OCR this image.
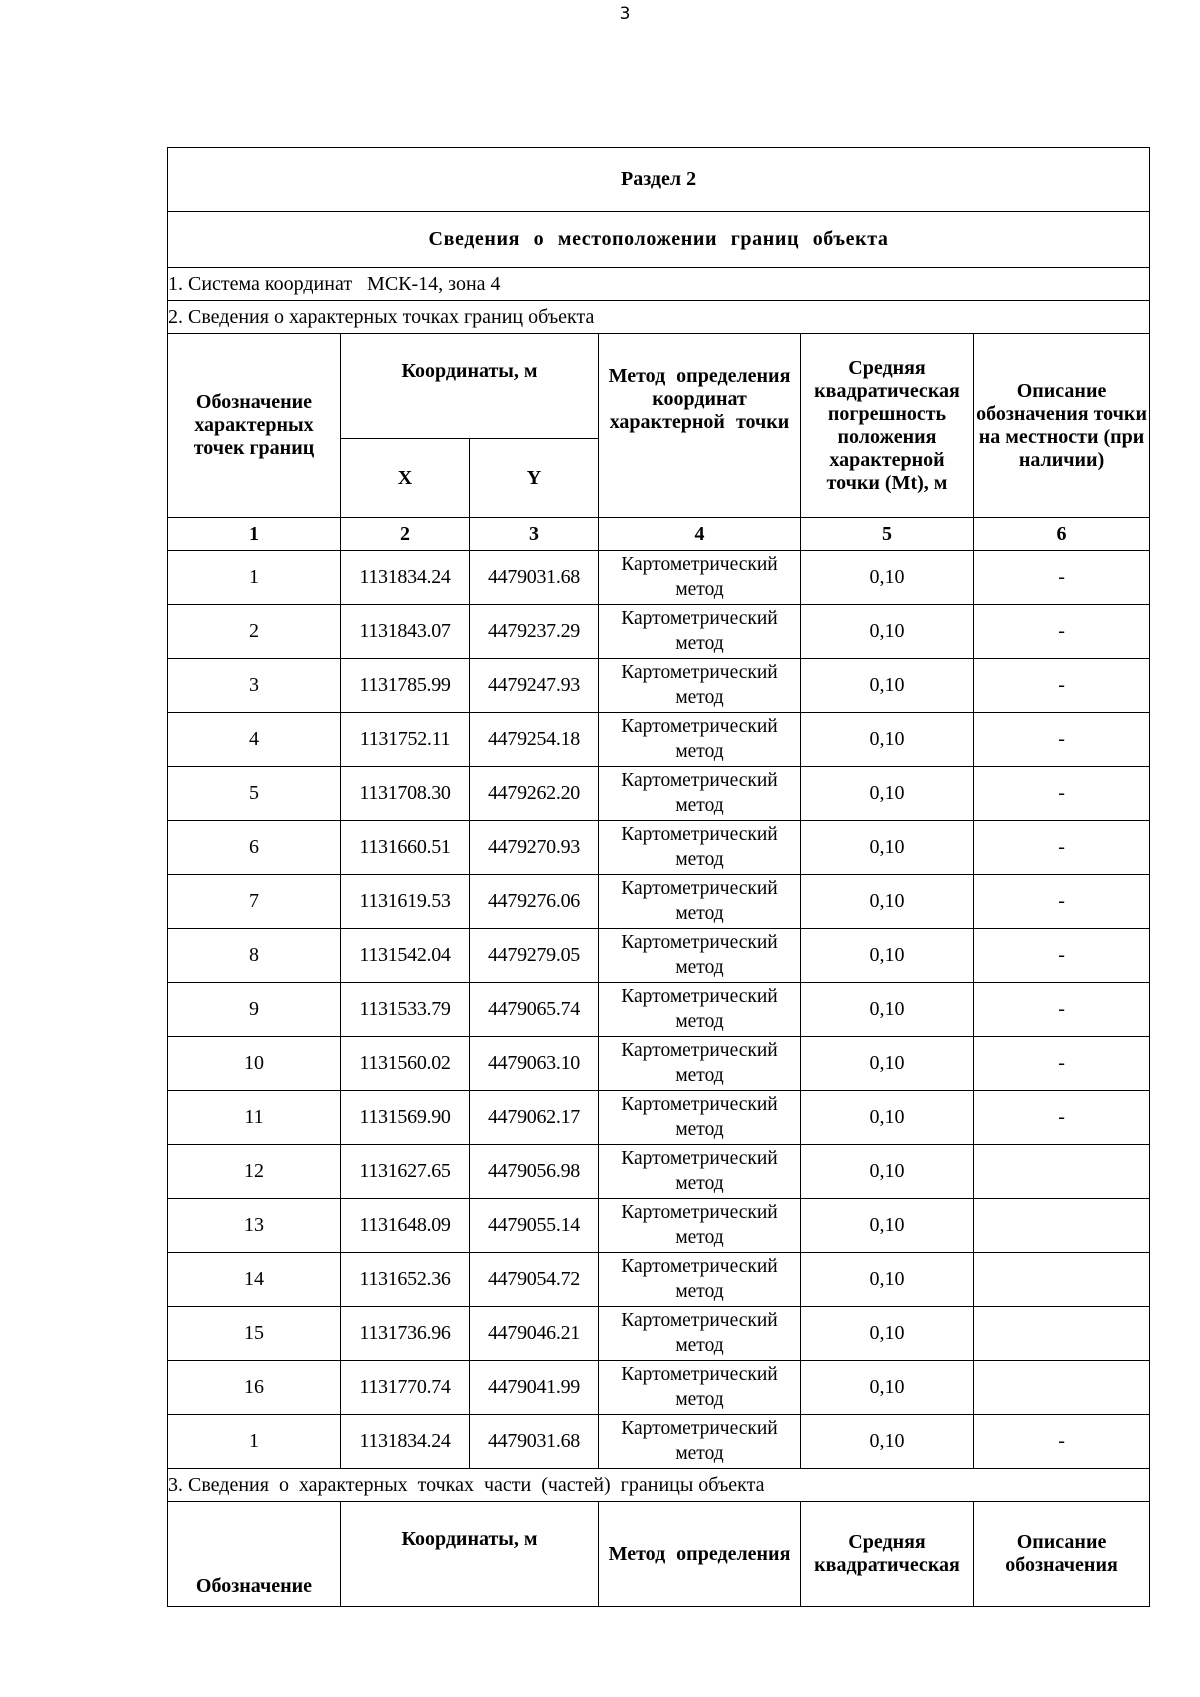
3
Раздел 2					
Сведения о местоположении границ объекта					
1. Система координат   МСК-14, зона 4					
2. Сведения о характерных точках границ объекта					
Обозначение характерных точек границ	Координаты, м		Метод определения координат характерной точки	Средняя квадратическая погрешность положения характерной точки (Mt), м	Описание обозначения точки на местности (при наличии)
	X	Y			
1	2	3	4	5	6
1	1131834.24	4479031.68	Картометрический метод	0,10	-
2	1131843.07	4479237.29	Картометрический метод	0,10	-
3	1131785.99	4479247.93	Картометрический метод	0,10	-
4	1131752.11	4479254.18	Картометрический метод	0,10	-
5	1131708.30	4479262.20	Картометрический метод	0,10	-
6	1131660.51	4479270.93	Картометрический метод	0,10	-
7	1131619.53	4479276.06	Картометрический метод	0,10	-
8	1131542.04	4479279.05	Картометрический метод	0,10	-
9	1131533.79	4479065.74	Картометрический метод	0,10	-
10	1131560.02	4479063.10	Картометрический метод	0,10	-
11	1131569.90	4479062.17	Картометрический метод	0,10	-
12	1131627.65	4479056.98	Картометрический метод	0,10	
13	1131648.09	4479055.14	Картометрический метод	0,10	
14	1131652.36	4479054.72	Картометрический метод	0,10	
15	1131736.96	4479046.21	Картометрический метод	0,10	
16	1131770.74	4479041.99	Картометрический метод	0,10	
1	1131834.24	4479031.68	Картометрический метод	0,10	-
3. Сведения  о  характерных  точках  части  (частей)  границы объекта					
Обозначение	Координаты, м		Метод определения	Средняя квадратическая	Описание обозначения
